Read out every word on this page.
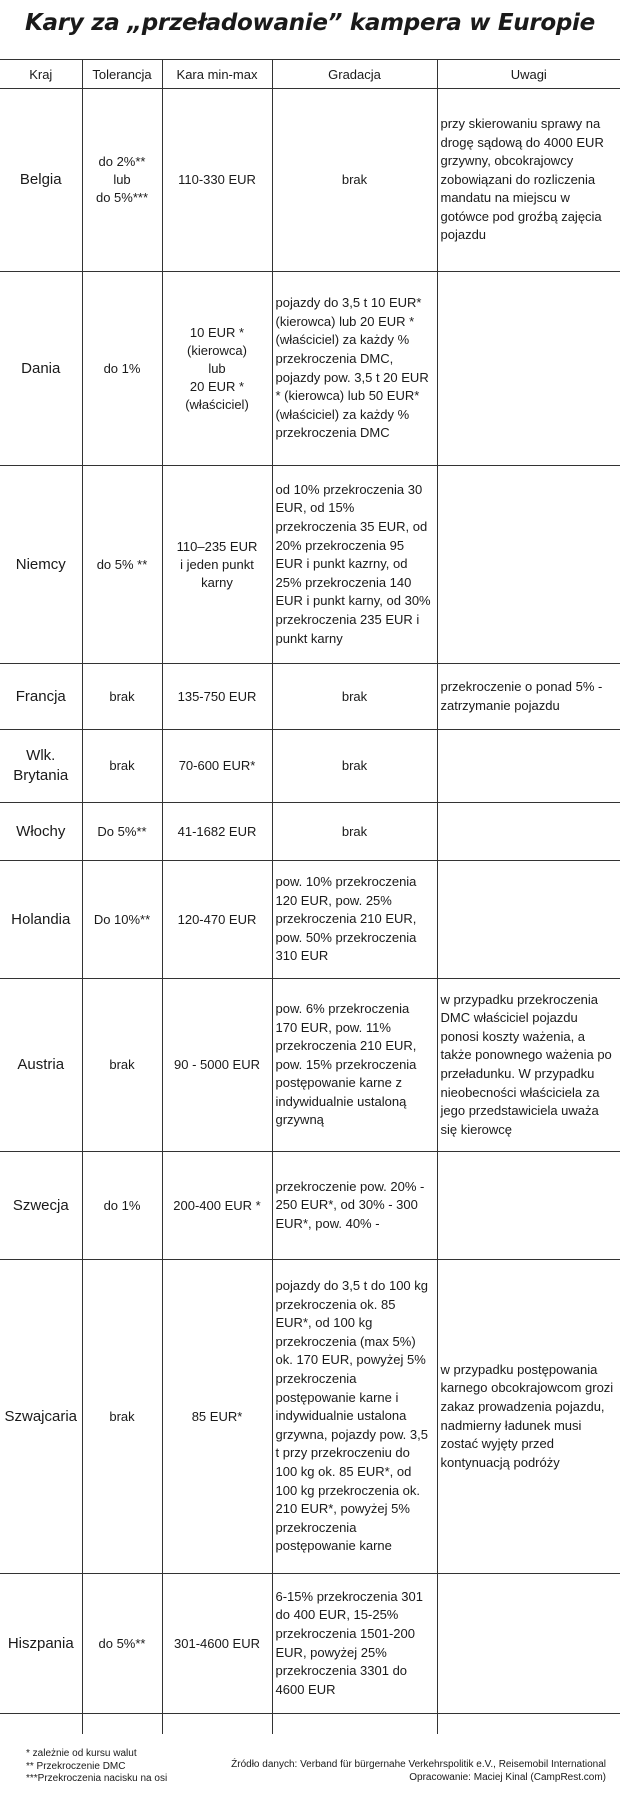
Kary za „przeładowanie” kampera w Europie
Kraj	Tolerancja	Kara min-max	Gradacja	Uwagi
Belgia	do 2%**
lub
do 5%***	110-330 EUR	brak	przy skierowaniu sprawy na drogę sądową do 4000 EUR grzywny, obcokrajowcy zobowiązani do rozliczenia mandatu na miejscu w gotówce pod groźbą zajęcia pojazdu
Dania	do 1%	10 EUR *
(kierowca)
lub
20 EUR *
(właściciel)	pojazdy do 3,5 t 10 EUR* (kierowca) lub 20 EUR * (właściciel) za każdy % przekroczenia DMC, pojazdy pow. 3,5 t 20 EUR * (kierowca) lub 50 EUR* (właściciel) za każdy % przekroczenia DMC	
Niemcy	do 5% **	110–235 EUR
i jeden punkt
karny	od 10% przekroczenia 30 EUR, od 15% przekroczenia 35 EUR, od 20% przekroczenia 95 EUR i punkt kazrny, od 25% przekroczenia 140 EUR i punkt karny, od 30% przekroczenia 235 EUR i punkt karny	
Francja	brak	135-750 EUR	brak	przekroczenie o ponad 5% - zatrzymanie pojazdu
Wlk.
Brytania	brak	70-600 EUR*	brak	
Włochy	Do 5%**	41-1682 EUR	brak	
Holandia	Do 10%**	120-470 EUR	pow. 10% przekroczenia 120 EUR, pow. 25% przekroczenia 210 EUR, pow. 50% przekroczenia 310 EUR	
Austria	brak	90 - 5000 EUR	pow. 6% przekroczenia 170 EUR, pow. 11% przekroczenia 210 EUR, pow. 15% przekroczenia postępowanie karne z indywidualnie ustaloną grzywną	w przypadku przekroczenia DMC właściciel pojazdu ponosi koszty ważenia, a także ponownego ważenia po przeładunku. W przypadku nieobecności właściciela za jego przedstawiciela uważa się kierowcę
Szwecja	do 1%	200-400 EUR *	przekroczenie pow. 20% - 250 EUR*, od 30% - 300 EUR*, pow. 40% -	
Szwajcaria	brak	85 EUR*	pojazdy do 3,5 t do 100 kg przekroczenia ok. 85 EUR*, od 100 kg przekroczenia (max 5%) ok. 170 EUR, powyżej 5% przekroczenia postępowanie karne i indywidualnie ustalona grzywna, pojazdy pow. 3,5 t przy przekroczeniu do 100 kg ok. 85 EUR*, od 100 kg przekroczenia ok. 210 EUR*, powyżej 5% przekroczenia postępowanie karne	w przypadku postępowania karnego obcokrajowcom grozi zakaz prowadzenia pojazdu, nadmierny ładunek musi zostać wyjęty przed kontynuacją podróży
Hiszpania	do 5%**	301-4600 EUR	6-15% przekroczenia 301 do 400 EUR, 15-25% przekroczenia 1501-200 EUR, powyżej 25% przekroczenia 3301 do 4600 EUR	
* zależnie od kursu walut
** Przekroczenie DMC
***Przekroczenia nacisku na osi
Źródło danych: Verband für bürgernahe Verkehrspolitik e.V., Reisemobil International
Opracowanie: Maciej Kinal (CampRest.com)
